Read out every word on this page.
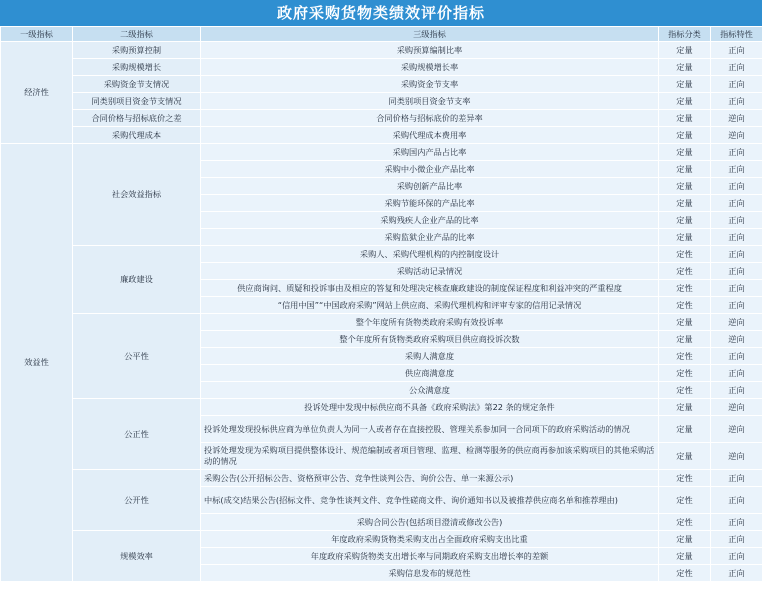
政府采购货物类绩效评价指标
一级指标	二级指标	三级指标	指标分类	指标特性
经济性	采购预算控制	采购预算编制比率	定量	正向
	采购规模增长	采购规模增长率	定量	正向
	采购资金节支情况	采购资金节支率	定量	正向
	同类别项目资金节支情况	同类别项目资金节支率	定量	正向
	合同价格与招标底价之差	合同价格与招标底价的差异率	定量	逆向
	采购代理成本	采购代理成本费用率	定量	逆向
效益性	社会效益指标	采购国内产品占比率	定量	正向
		采购中小微企业产品比率	定量	正向
		采购创新产品比率	定量	正向
		采购节能环保的产品比率	定量	正向
		采购残疾人企业产品的比率	定量	正向
		采购监狱企业产品的比率	定量	正向
	廉政建设	采购人、采购代理机构的内控制度设计	定性	正向
		采购活动记录情况	定性	正向
		供应商询问、质疑和投诉事由及相应的答复和处理决定核查廉政建设的制度保证程度和利益冲突的严重程度	定性	正向
		“信用中国”“中国政府采购”网站上供应商、采购代理机构和评审专家的信用记录情况	定性	正向
	公平性	整个年度所有货物类政府采购有效投诉率	定量	逆向
		整个年度所有货物类政府采购项目供应商投诉次数	定量	逆向
		采购人满意度	定性	正向
		供应商满意度	定性	正向
		公众满意度	定性	正向
	公正性	投诉处理中发现中标供应商不具备《政府采购法》第22 条的规定条件	定量	逆向
		投诉处理发现投标供应商为单位负责人为同一人或者存在直接控股、管理关系参加同一合同项下的政府采购活动的情况	定量	逆向
		投诉处理发现为采购项目提供整体设计、规范编制或者项目管理、监理、检测等服务的供应商再参加该采购项目的其他采购活动的情况	定量	逆向
	公开性	采购公告(公开招标公告、资格预审公告、竞争性谈判公告、询价公告、单一来源公示)	定性	正向
		中标(成交)结果公告(招标文件、竞争性谈判文件、竞争性磋商文件、询价通知书以及被推荐供应商名单和推荐理由)	定性	正向
		采购合同公告(包括项目澄清或修改公告)	定性	正向
	规模效率	年度政府采购货物类采购支出占全面政府采购支出比重	定量	正向
		年度政府采购货物类支出增长率与同期政府采购支出增长率的差额	定量	正向
		采购信息发布的规范性	定性	正向
